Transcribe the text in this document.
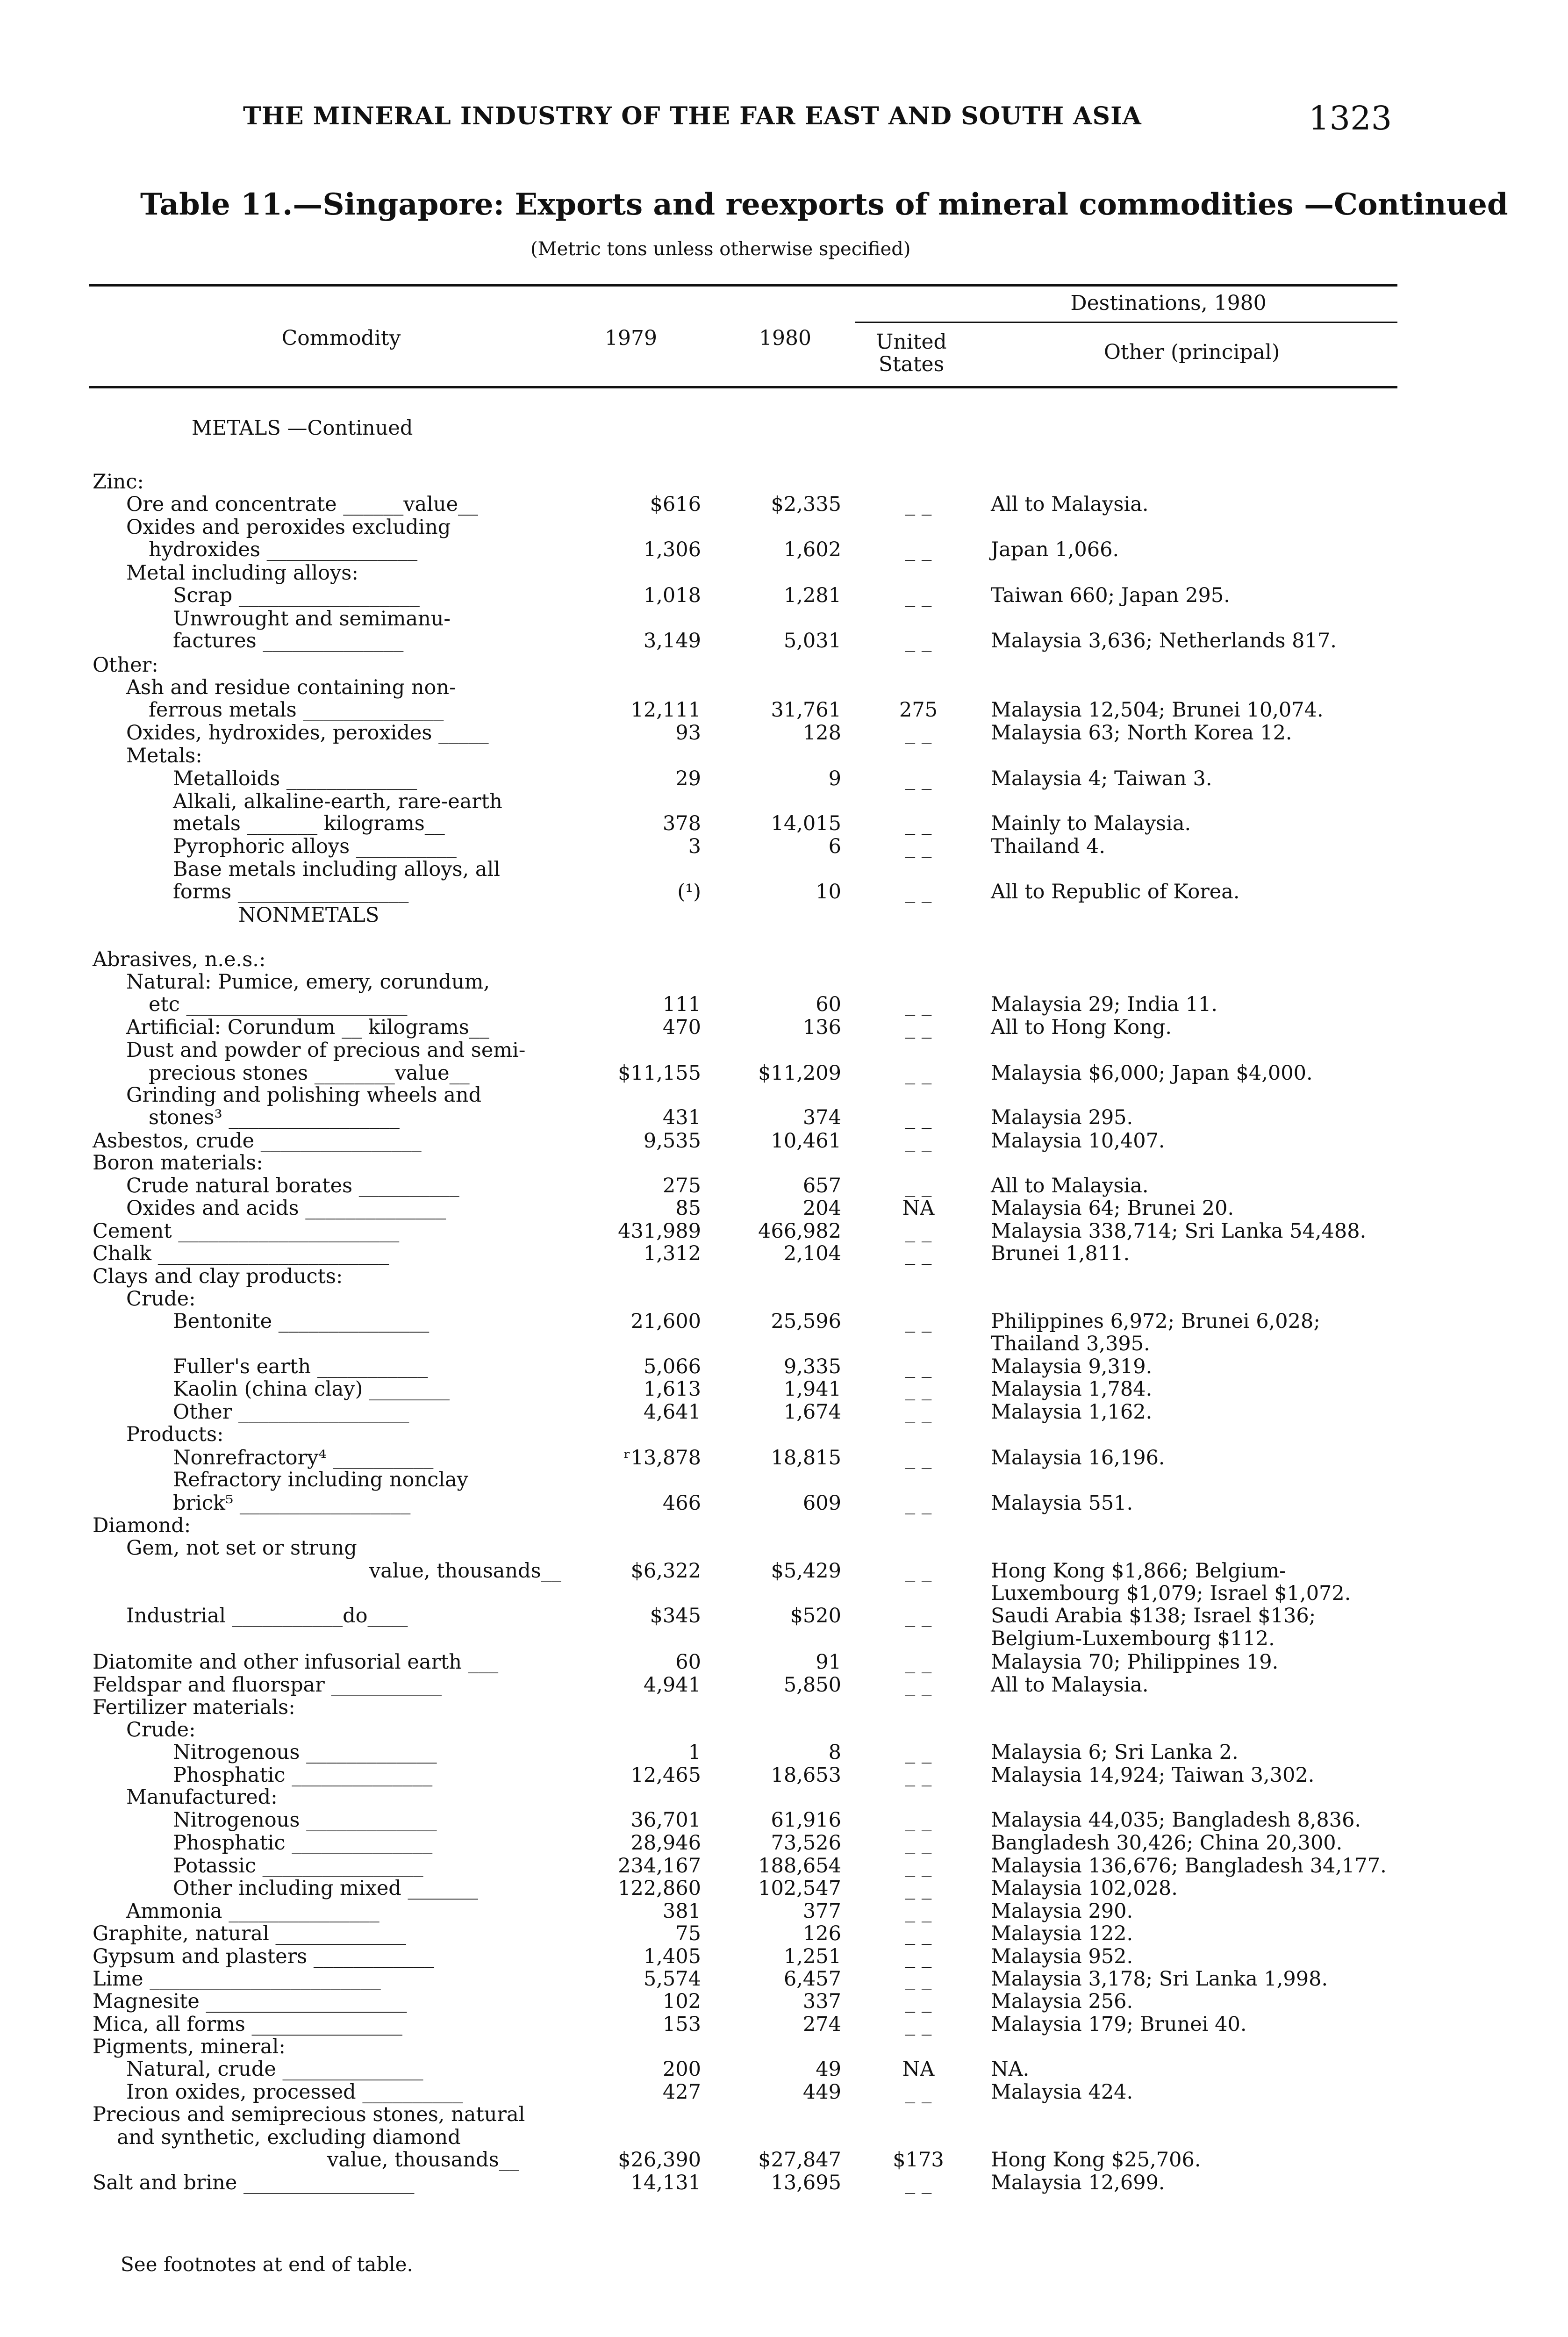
THE MINERAL INDUSTRY OF THE FAR EAST AND SOUTH ASIA	1323
Table 11.—Singapore: Exports and reexports of mineral commodities —Continued
(Metric tons unless otherwise specified)
Commodity	1979	1980
Destinations, 1980
United States
Other (principal)
METALS —Continued
Zinc:
Ore and concentrate ______value__	$616	$2,335	_ _	All to Malaysia.
Oxides and peroxides excluding
hydroxides _______________	1,306	1,602	_ _	Japan 1,066.
Metal including alloys:
Scrap __________________	1,018	1,281	_ _	Taiwan 660; Japan 295.
Unwrought and semimanu-
factures ______________	3,149	5,031	_ _	Malaysia 3,636; Netherlands 817.
Other:
Ash and residue containing non-
ferrous metals ______________	12,111	31,761	275	Malaysia 12,504; Brunei 10,074.
Oxides, hydroxides, peroxides _____	93	128	_ _	Malaysia 63; North Korea 12.
Metals:
Metalloids _____________	29	9	_ _	Malaysia 4; Taiwan 3.
Alkali, alkaline-earth, rare-earth
metals _______ kilograms__	378	14,015	_ _	Mainly to Malaysia.
Pyrophoric alloys __________	3	6	_ _	Thailand 4.
Base metals including alloys, all
forms _________________	(¹)	10	_ _	All to Republic of Korea.
NONMETALS
Abrasives, n.e.s.:
Natural: Pumice, emery, corundum,
etc ______________________	111	60	_ _	Malaysia 29; India 11.
Artificial: Corundum __ kilograms__	470	136	_ _	All to Hong Kong.
Dust and powder of precious and semi-
precious stones ________value__	$11,155	$11,209	_ _	Malaysia $6,000; Japan $4,000.
Grinding and polishing wheels and
stones³ _________________	431	374	_ _	Malaysia 295.
Asbestos, crude ________________	9,535	10,461	_ _	Malaysia 10,407.
Boron materials:
Crude natural borates __________	275	657	_ _	All to Malaysia.
Oxides and acids ______________	85	204	NA	Malaysia 64; Brunei 20.
Cement ______________________	431,989	466,982	_ _	Malaysia 338,714; Sri Lanka 54,488.
Chalk _______________________	1,312	2,104	_ _	Brunei 1,811.
Clays and clay products:
Crude:
Bentonite _______________	21,600	25,596	_ _	Philippines 6,972; Brunei 6,028;
Thailand 3,395.
Fuller's earth ___________	5,066	9,335	_ _	Malaysia 9,319.
Kaolin (china clay) ________	1,613	1,941	_ _	Malaysia 1,784.
Other _________________	4,641	1,674	_ _	Malaysia 1,162.
Products:
Nonrefractory⁴ __________	ʳ13,878	18,815	_ _	Malaysia 16,196.
Refractory including nonclay
brick⁵ _________________	466	609	_ _	Malaysia 551.
Diamond:
Gem, not set or strung
value, thousands__	$6,322	$5,429	_ _	Hong Kong $1,866; Belgium-
Luxembourg $1,079; Israel $1,072.
Industrial ___________do____	$345	$520	_ _	Saudi Arabia $138; Israel $136;
Belgium-Luxembourg $112.
Diatomite and other infusorial earth ___	60	91	_ _	Malaysia 70; Philippines 19.
Feldspar and fluorspar ___________	4,941	5,850	_ _	All to Malaysia.
Fertilizer materials:
Crude:
Nitrogenous _____________	1	8	_ _	Malaysia 6; Sri Lanka 2.
Phosphatic ______________	12,465	18,653	_ _	Malaysia 14,924; Taiwan 3,302.
Manufactured:
Nitrogenous _____________	36,701	61,916	_ _	Malaysia 44,035; Bangladesh 8,836.
Phosphatic ______________	28,946	73,526	_ _	Bangladesh 30,426; China 20,300.
Potassic ________________	234,167	188,654	_ _	Malaysia 136,676; Bangladesh 34,177.
Other including mixed _______	122,860	102,547	_ _	Malaysia 102,028.
Ammonia _______________	381	377	_ _	Malaysia 290.
Graphite, natural _____________	75	126	_ _	Malaysia 122.
Gypsum and plasters ____________	1,405	1,251	_ _	Malaysia 952.
Lime _______________________	5,574	6,457	_ _	Malaysia 3,178; Sri Lanka 1,998.
Magnesite ____________________	102	337	_ _	Malaysia 256.
Mica, all forms _______________	153	274	_ _	Malaysia 179; Brunei 40.
Pigments, mineral:
Natural, crude ______________	200	49	NA	NA.
Iron oxides, processed __________	427	449	_ _	Malaysia 424.
Precious and semiprecious stones, natural
and synthetic, excluding diamond
value, thousands__	$26,390	$27,847	$173	Hong Kong $25,706.
Salt and brine _________________	14,131	13,695	_ _	Malaysia 12,699.
See footnotes at end of table.
